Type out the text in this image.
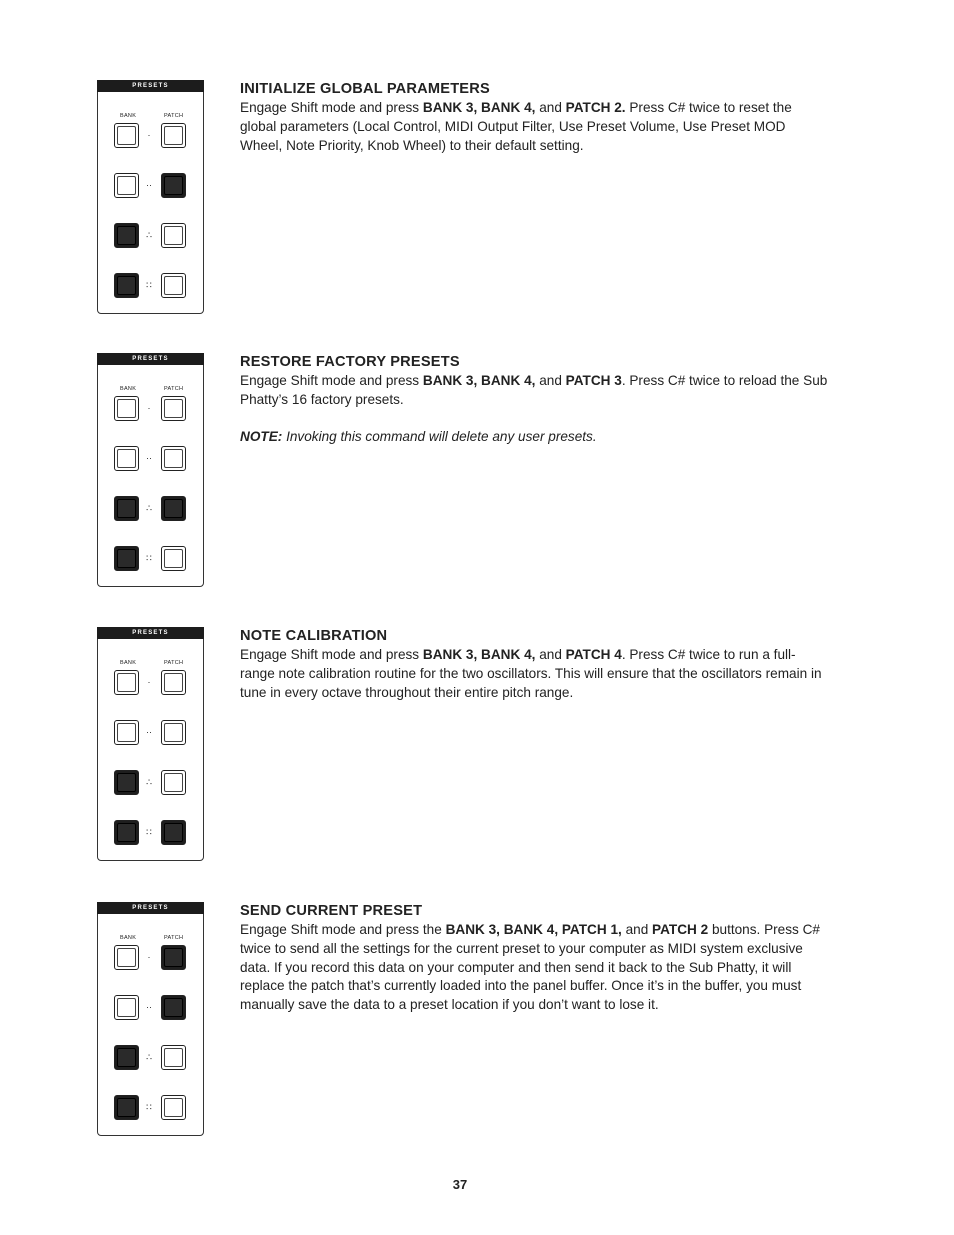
PRESETS
BANK	PATCH
·
··
∴
∷
INITIALIZE GLOBAL PARAMETERS

Engage Shift mode and press BANK 3, BANK 4, and PATCH 2. Press C# twice to reset the global parameters (Local Control, MIDI Output Filter, Use Preset Volume, Use Preset MOD Wheel, Note Priority, Knob Wheel) to their default setting.

PRESETS
BANK	PATCH
·
··
∴
∷
RESTORE FACTORY PRESETS

Engage Shift mode and press BANK 3, BANK 4, and PATCH 3. Press C# twice to reload the Sub Phatty’s 16 factory presets.

NOTE: Invoking this command will delete any user presets.

PRESETS
BANK	PATCH
·
··
∴
∷
NOTE CALIBRATION

Engage Shift mode and press BANK 3, BANK 4, and PATCH 4. Press C# twice to run a full-range note calibration routine for the two oscillators. This will ensure that the oscillators remain in tune in every octave throughout their entire pitch range.

PRESETS
BANK	PATCH
·
··
∴
∷
SEND CURRENT PRESET

Engage Shift mode and press the BANK 3, BANK 4, PATCH 1, and PATCH 2 buttons. Press C# twice to send all the settings for the current preset to your computer as MIDI system exclusive data. If you record this data on your computer and then send it back to the Sub Phatty, it will replace the patch that’s currently loaded into the panel buffer. Once it’s in the buffer, you must manually save the data to a preset location if you don’t want to lose it.

37
